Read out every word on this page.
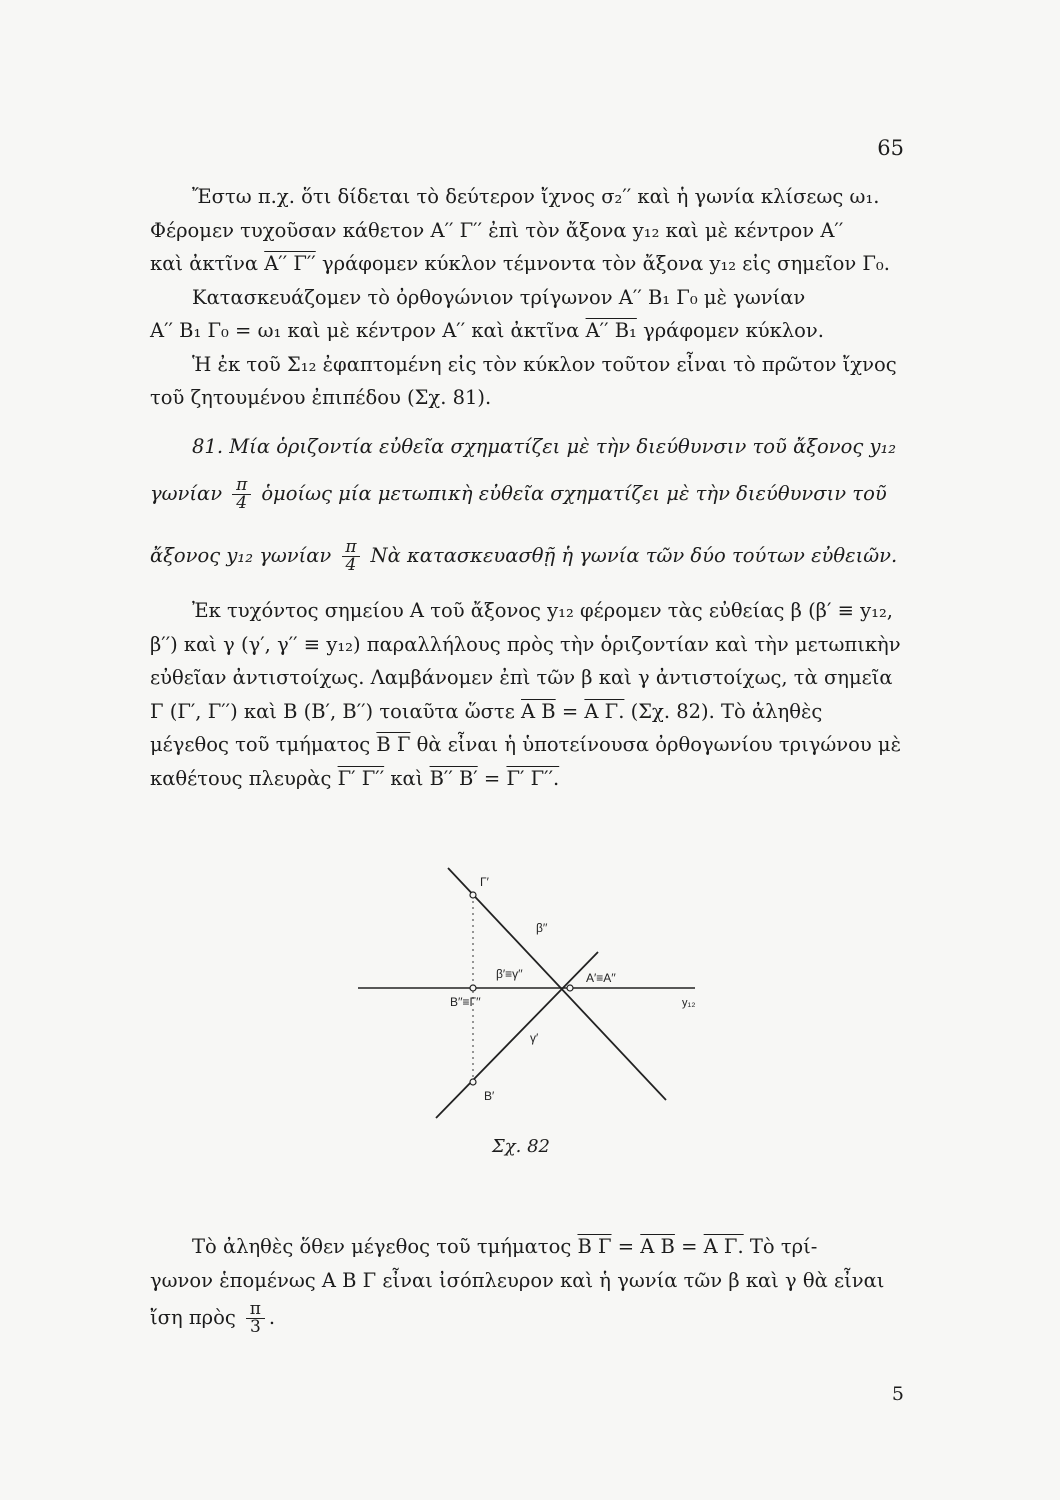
65

Ἔστω π.χ. ὅτι δίδεται τὸ δεύτερον ἴχνος σ₂′′ καὶ ἡ γωνία κλίσεως ω₁.

Φέρομεν τυχοῦσαν κάθετον Α′′ Γ′′ ἐπὶ τὸν ἄξονα y₁₂ καὶ μὲ κέντρον Α′′

καὶ ἀκτῖνα Α′′ Γ′′ γράφομεν κύκλον τέμνοντα τὸν ἄξονα y₁₂ εἰς σημεῖον Γ₀.

Κατασκευάζομεν τὸ ὀρθογώνιον τρίγωνον Α′′ Β₁ Γ₀ μὲ γωνίαν

Α′′ Β₁ Γ₀ = ω₁ καὶ μὲ κέντρον Α′′ καὶ ἀκτῖνα Α′′ Β₁ γράφομεν κύκλον.

Ἡ ἐκ τοῦ Σ₁₂ ἐφαπτομένη εἰς τὸν κύκλον τοῦτον εἶναι τὸ πρῶτον ἴχνος

τοῦ ζητουμένου ἐπιπέδου (Σχ. 81).

81. Μία ὁριζοντία εὐθεῖα σχηματίζει μὲ τὴν διεύθυνσιν τοῦ ἄξονος y₁₂
γωνίαν $\frac{\pi}{4}$ ὁμοίως μία μετωπικὴ εὐθεῖα σχηματίζει μὲ τὴν διεύθυνσιν τοῦ
ἄξονος y₁₂ γωνίαν $\frac{\pi}{4}$ Νὰ κατασκευασθῇ ἡ γωνία τῶν δύο τούτων εὐθειῶν.

Ἐκ τυχόντος σημείου Α τοῦ ἄξονος y₁₂ φέρομεν τὰς εὐθείας β (β′ ≡ y₁₂,

β′′) καὶ γ (γ′, γ′′ ≡ y₁₂) παραλλήλους πρὸς τὴν ὁριζοντίαν καὶ τὴν μετωπικὴν

εὐθεῖαν ἀντιστοίχως. Λαμβάνομεν ἐπὶ τῶν β καὶ γ ἀντιστοίχως, τὰ σημεῖα

Γ (Γ′, Γ′′) καὶ Β (Β′, Β′′) τοιαῦτα ὥστε Α Β = Α Γ. (Σχ. 82). Τὸ ἀληθὲς

μέγεθος τοῦ τμήματος Β Γ θὰ εἶναι ἡ ὑποτείνουσα ὀρθογωνίου τριγώνου μὲ

καθέτους πλευρὰς Γ′ Γ′′ καὶ Β′′ Β′ = Γ′ Γ′′.

Γ′
β′′
β′≡γ′′	Α′≡Α′′
Β′′≡Γ′′	y₁₂
γ′
Β′
Σχ. 82

Τὸ ἀληθὲς ὅθεν μέγεθος τοῦ τμήματος Β Γ = Α Β = Α Γ. Τὸ τρί-

γωνον ἑπομένως Α Β Γ εἶναι ἰσόπλευρον καὶ ἡ γωνία τῶν β καὶ γ θὰ εἶναι

ἴση πρὸς $\frac{\pi}{3}$ .

5
